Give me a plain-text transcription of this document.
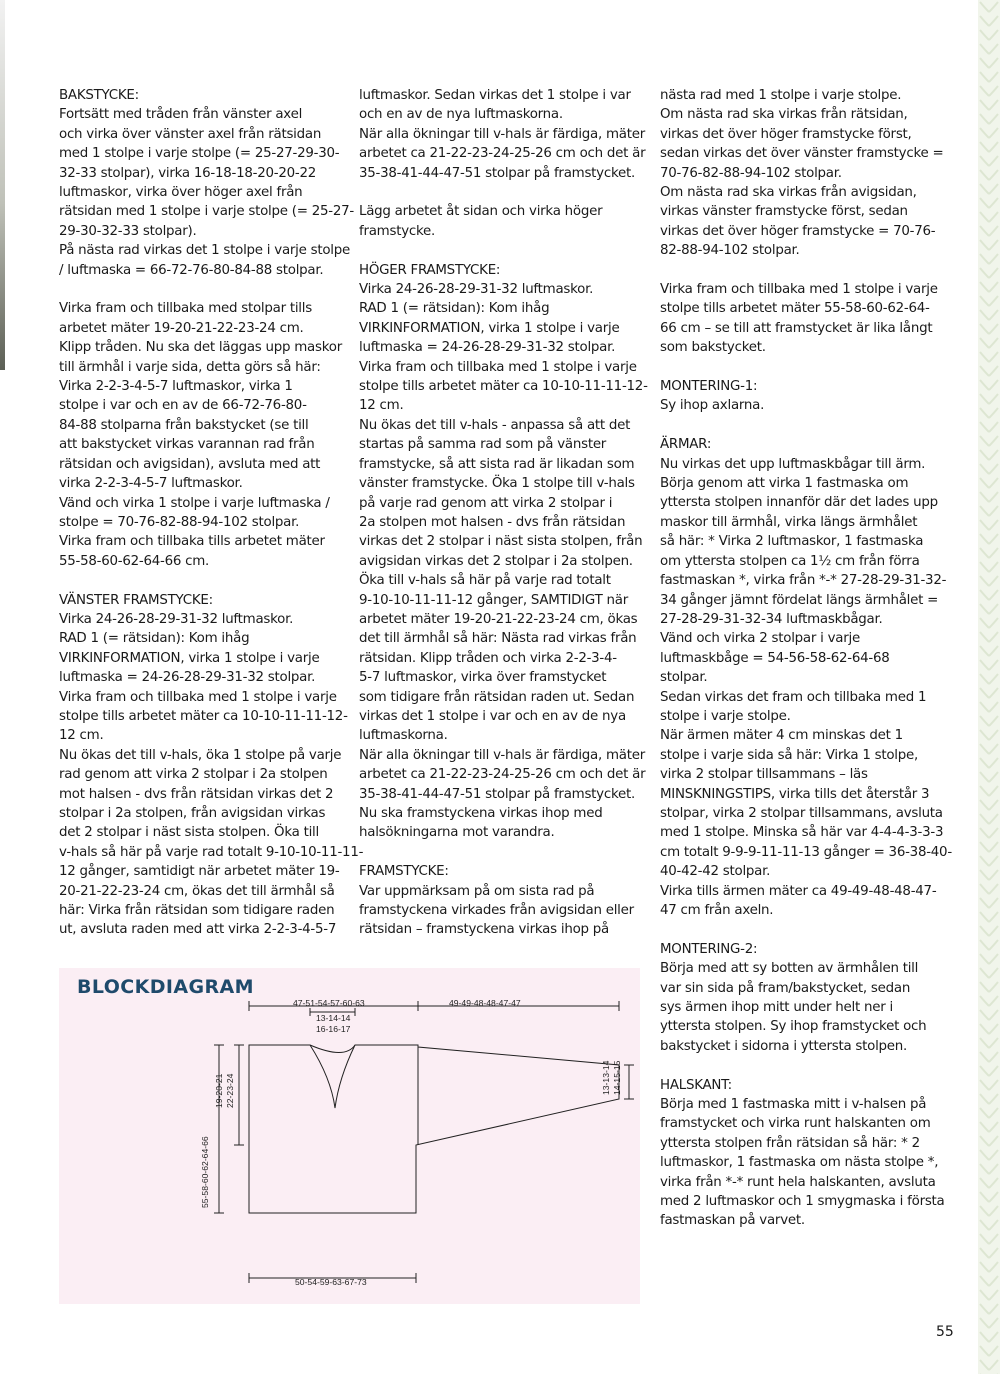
BAKSTYCKE:

Fortsätt med tråden från vänster axel

och virka över vänster axel från rätsidan

med 1 stolpe i varje stolpe (= 25-27-29-30-

32-33 stolpar), virka 16-18-18-20-20-22

luftmaskor, virka över höger axel från

rätsidan med 1 stolpe i varje stolpe (= 25-27-

29-30-32-33 stolpar).

På nästa rad virkas det 1 stolpe i varje stolpe

/ luftmaska = 66-72-76-80-84-88 stolpar.

Virka fram och tillbaka med stolpar tills

arbetet mäter 19-20-21-22-23-24 cm.

Klipp tråden. Nu ska det läggas upp maskor

till ärmhål i varje sida, detta görs så här:

Virka 2-2-3-4-5-7 luftmaskor, virka 1

stolpe i var och en av de 66-72-76-80-

84-88 stolparna från bakstycket (se till

att bakstycket virkas varannan rad från

rätsidan och avigsidan), avsluta med att

virka 2-2-3-4-5-7 luftmaskor.

Vänd och virka 1 stolpe i varje luftmaska /

stolpe = 70-76-82-88-94-102 stolpar.

Virka fram och tillbaka tills arbetet mäter

55-58-60-62-64-66 cm.

VÄNSTER FRAMSTYCKE:

Virka 24-26-28-29-31-32 luftmaskor.

RAD 1 (= rätsidan): Kom ihåg

VIRKINFORMATION, virka 1 stolpe i varje

luftmaska = 24-26-28-29-31-32 stolpar.

Virka fram och tillbaka med 1 stolpe i varje

stolpe tills arbetet mäter ca 10-10-11-11-12-

12 cm.

Nu ökas det till v-hals, öka 1 stolpe på varje

rad genom att virka 2 stolpar i 2a stolpen

mot halsen - dvs från rätsidan virkas det 2

stolpar i 2a stolpen, från avigsidan virkas

det 2 stolpar i näst sista stolpen. Öka till

v-hals så här på varje rad totalt 9-10-10-11-11-

12 gånger, samtidigt när arbetet mäter 19-

20-21-22-23-24 cm, ökas det till ärmhål så

här: Virka från rätsidan som tidigare raden

ut, avsluta raden med att virka 2-2-3-4-5-7

luftmaskor. Sedan virkas det 1 stolpe i var

och en av de nya luftmaskorna.

När alla ökningar till v-hals är färdiga, mäter

arbetet ca 21-22-23-24-25-26 cm och det är

35-38-41-44-47-51 stolpar på framstycket.

Lägg arbetet åt sidan och virka höger

framstycke.

HÖGER FRAMSTYCKE:

Virka 24-26-28-29-31-32 luftmaskor.

RAD 1 (= rätsidan): Kom ihåg

VIRKINFORMATION, virka 1 stolpe i varje

luftmaska = 24-26-28-29-31-32 stolpar.

Virka fram och tillbaka med 1 stolpe i varje

stolpe tills arbetet mäter ca 10-10-11-11-12-

12 cm.

Nu ökas det till v-hals - anpassa så att det

startas på samma rad som på vänster

framstycke, så att sista rad är likadan som

vänster framstycke. Öka 1 stolpe till v-hals

på varje rad genom att virka 2 stolpar i

2a stolpen mot halsen - dvs från rätsidan

virkas det 2 stolpar i näst sista stolpen, från

avigsidan virkas det 2 stolpar i 2a stolpen.

Öka till v-hals så här på varje rad totalt

9-10-10-11-11-12 gånger, SAMTIDIGT när

arbetet mäter 19-20-21-22-23-24 cm, ökas

det till ärmhål så här: Nästa rad virkas från

rätsidan. Klipp tråden och virka 2-2-3-4-

5-7 luftmaskor, virka över framstycket

som tidigare från rätsidan raden ut. Sedan

virkas det 1 stolpe i var och en av de nya

luftmaskorna.

När alla ökningar till v-hals är färdiga, mäter

arbetet ca 21-22-23-24-25-26 cm och det är

35-38-41-44-47-51 stolpar på framstycket.

Nu ska framstyckena virkas ihop med

halsökningarna mot varandra.

FRAMSTYCKE:

Var uppmärksam på om sista rad på

framstyckena virkades från avigsidan eller

rätsidan – framstyckena virkas ihop på

nästa rad med 1 stolpe i varje stolpe.

Om nästa rad ska virkas från rätsidan,

virkas det över höger framstycke först,

sedan virkas det över vänster framstycke =

70-76-82-88-94-102 stolpar.

Om nästa rad ska virkas från avigsidan,

virkas vänster framstycke först, sedan

virkas det över höger framstycke = 70-76-

82-88-94-102 stolpar.

Virka fram och tillbaka med 1 stolpe i varje

stolpe tills arbetet mäter 55-58-60-62-64-

66 cm – se till att framstycket är lika långt

som bakstycket.

MONTERING-1:

Sy ihop axlarna.

ÄRMAR:

Nu virkas det upp luftmaskbågar till ärm.

Börja genom att virka 1 fastmaska om

yttersta stolpen innanför där det lades upp

maskor till ärmhål, virka längs ärmhålet

så här: * Virka 2 luftmaskor, 1 fastmaska

om yttersta stolpen ca 1½ cm från förra

fastmaskan *, virka från *-* 27-28-29-31-32-

34 gånger jämnt fördelat längs ärmhålet =

27-28-29-31-32-34 luftmaskbågar.

Vänd och virka 2 stolpar i varje

luftmaskbåge = 54-56-58-62-64-68

stolpar.

Sedan virkas det fram och tillbaka med 1

stolpe i varje stolpe.

När ärmen mäter 4 cm minskas det 1

stolpe i varje sida så här: Virka 1 stolpe,

virka 2 stolpar tillsammans – läs

MINSKNINGSTIPS, virka tills det återstår 3

stolpar, virka 2 stolpar tillsammans, avsluta

med 1 stolpe. Minska så här var 4-4-4-3-3-3

cm totalt 9-9-9-11-11-13 gånger = 36-38-40-

40-42-42 stolpar.

Virka tills ärmen mäter ca 49-49-48-48-47-

47 cm från axeln.

MONTERING-2:

Börja med att sy botten av ärmhålen till

var sin sida på fram/bakstycket, sedan

sys ärmen ihop mitt under helt ner i

yttersta stolpen. Sy ihop framstycket och

bakstycket i sidorna i yttersta stolpen.

HALSKANT:

Börja med 1 fastmaska mitt i v-halsen på

framstycket och virka runt halskanten om

yttersta stolpen från rätsidan så här: * 2

luftmaskor, 1 fastmaska om nästa stolpe *,

virka från *-* runt hela halskanten, avsluta

med 2 luftmaskor och 1 smygmaska i första

fastmaskan på varvet.

BLOCKDIAGRAM
47-51-54-57-60-63	49-49-48-48-47-47
13-14-14
16-16-17
19-20-21 22-23-24
55-58-60-62-64-66
13-13-14 14-15-15
50-54-59-63-67-73
55
